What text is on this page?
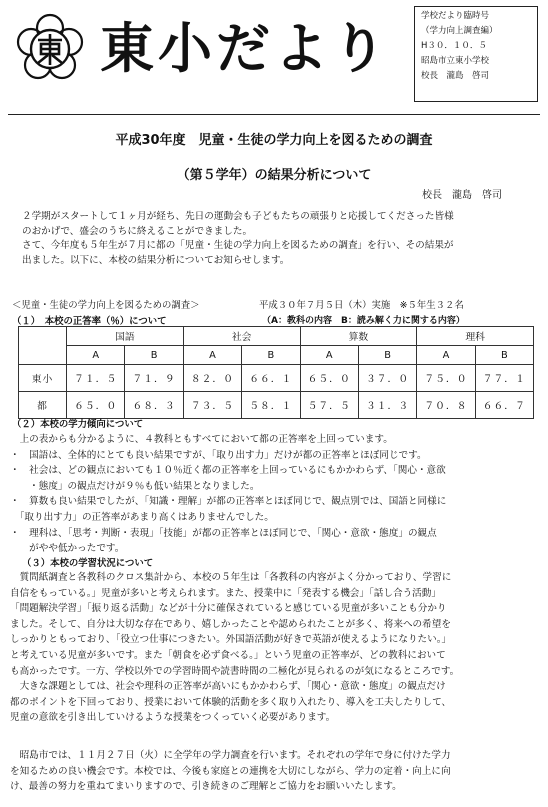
東小だより	学校だより臨時号
（学力向上調査編）
H３０．１０．５
昭島市立東小学校
校長　瀧島　啓司
平成30年度　児童・生徒の学力向上を図るための調査
（第５学年）の結果分析について
校長　瀧島　啓司

２学期がスタートして１ヶ月が経ち、先日の運動会も子どもたちの頑張りと応援してくださった皆様

のおかげで、盛会のうちに終えることができました。

さて、今年度も５年生が７月に都の「児童・生徒の学力向上を図るための調査」を行い、その結果が

出ました。以下に、本校の結果分析についてお知らせします。

＜児童・生徒の学力向上を図るための調査＞	平成３０年７月５日（木）実施　※５年生３２名
（１）　本校の正答率（％）について	（A：教科の内容　B：読み解く力に関する内容）
	国語		社会		算数		理科	
	A	B	A	B	A	B	A	B
東小	７１．５	７１．９	８２．０	６６．１	６５．０	３７．０	７５．０	７７．１
都	６５．０	６８．３	７３．５	５８．１	５７．５	３１．３	７０．８	６６．７
（２）本校の学力傾向について

　上の表からも分かるように、４教科ともすべてにおいて都の正答率を上回っています。

・　国語は、全体的にとても良い結果ですが、「取り出す力」だけが都の正答率とほぼ同じです。

・　社会は、どの観点においても１０％近く都の正答率を上回っているにもかかわらず、「関心・意欲

　　・態度」の観点だけが９％も低い結果となりました。

・　算数も良い結果でしたが、「知識・理解」が都の正答率とほぼ同じで、観点別では、国語と同様に

　「取り出す力」の正答率があまり高くはありませんでした。

・　理科は、「思考・判断・表現」「技能」が都の正答率とほぼ同じで、「関心・意欲・態度」の観点

　　がやや低かったです。

（３）本校の学習状況について

　質問紙調査と各教科のクロス集計から、本校の５年生は「各教科の内容がよく分かっており、学習に

自信をもっている。」児童が多いと考えられます。また、授業中に「発表する機会」「話し合う活動」

「問題解決学習」「振り返る活動」などが十分に確保されていると感じている児童が多いことも分かり

ました。そして、自分は大切な存在であり、嬉しかったことや認められたことが多く、将来への希望を

しっかりともっており、「役立つ仕事につきたい。外国語活動が好きで英語が使えるようになりたい。」

と考えている児童が多いです。また「朝食を必ず食べる。」という児童の正答率が、どの教科において

も高かったです。一方、学校以外での学習時間や読書時間の二極化が見られるのが気になるところです。

　大きな課題としては、社会や理科の正答率が高いにもかかわらず、「関心・意欲・態度」の観点だけ

都のポイントを下回っており、授業において体験的活動を多く取り入れたり、導入を工夫したりして、

児童の意欲を引き出していけるような授業をつくっていく必要があります。

　昭島市では、１１月２７日（火）に全学年の学力調査を行います。それぞれの学年で身に付けた学力

を知るための良い機会です。本校では、今後も家庭との連携を大切にしながら、学力の定着・向上に向

け、最善の努力を重ねてまいりますので、引き続きのご理解とご協力をお願いいたします。
